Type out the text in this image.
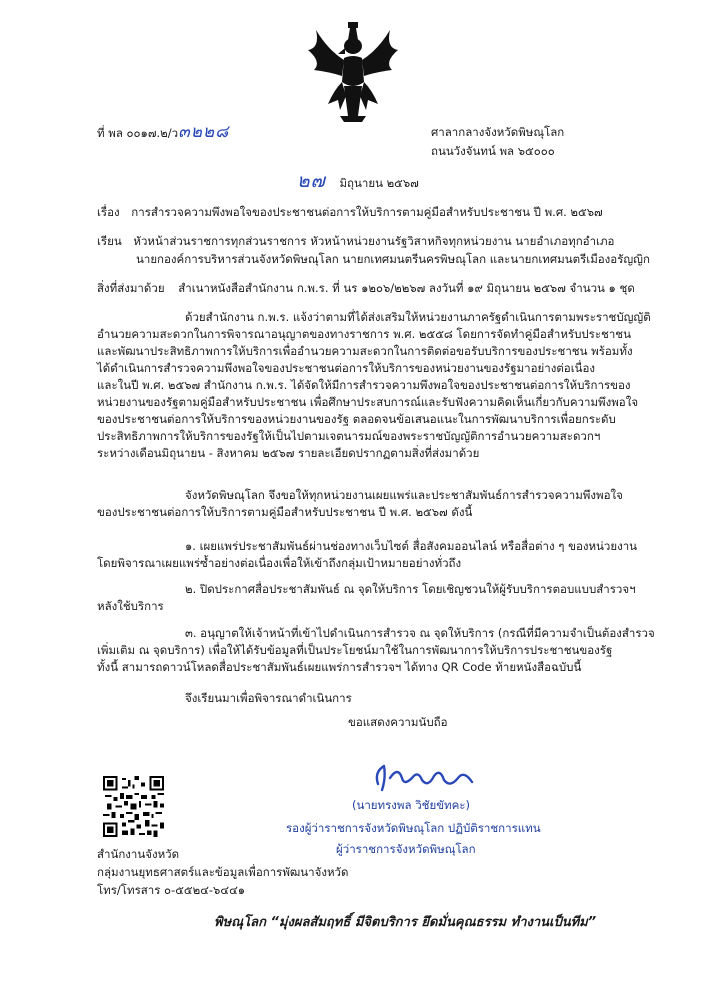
ที่ พล ๐๐๑๗.๒/ว๓๒๒๘	ศาลากลางจังหวัดพิษณุโลก
ถนนวังจันทน์ พล ๖๕๐๐๐
๒๗ มิถุนายน ๒๕๖๗
เรื่อง การสำรวจความพึงพอใจของประชาชนต่อการให้บริการตามคู่มือสำหรับประชาชน ปี พ.ศ. ๒๕๖๗
เรียน หัวหน้าส่วนราชการทุกส่วนราชการ หัวหน้าหน่วยงานรัฐวิสาหกิจทุกหน่วยงาน นายอำเภอทุกอำเภอ
นายกองค์การบริหารส่วนจังหวัดพิษณุโลก นายกเทศมนตรีนครพิษณุโลก และนายกเทศมนตรีเมืองอรัญญิก
สิ่งที่ส่งมาด้วย สำเนาหนังสือสำนักงาน ก.พ.ร. ที่ นร ๑๒๐๖/๒๒๖๗ ลงวันที่ ๑๙ มิถุนายน ๒๕๖๗ จำนวน ๑ ชุด

ด้วยสำนักงาน ก.พ.ร. แจ้งว่าตามที่ได้ส่งเสริมให้หน่วยงานภาครัฐดำเนินการตามพระราชบัญญัติ

อำนวยความสะดวกในการพิจารณาอนุญาตของทางราชการ พ.ศ. ๒๕๕๘ โดยการจัดทำคู่มือสำหรับประชาชน

และพัฒนาประสิทธิภาพการให้บริการเพื่ออำนวยความสะดวกในการติดต่อขอรับบริการของประชาชน พร้อมทั้ง

ได้ดำเนินการสำรวจความพึงพอใจของประชาชนต่อการให้บริการของหน่วยงานของรัฐมาอย่างต่อเนื่อง

และในปี พ.ศ. ๒๕๖๗ สำนักงาน ก.พ.ร. ได้จัดให้มีการสำรวจความพึงพอใจของประชาชนต่อการให้บริการของ

หน่วยงานของรัฐตามคู่มือสำหรับประชาชน เพื่อศึกษาประสบการณ์และรับฟังความคิดเห็นเกี่ยวกับความพึงพอใจ

ของประชาชนต่อการให้บริการของหน่วยงานของรัฐ ตลอดจนข้อเสนอแนะในการพัฒนาบริการเพื่อยกระดับ

ประสิทธิภาพการให้บริการของรัฐให้เป็นไปตามเจตนารมณ์ของพระราชบัญญัติการอำนวยความสะดวกฯ

ระหว่างเดือนมิถุนายน - สิงหาคม ๒๕๖๗ รายละเอียดปรากฏตามสิ่งที่ส่งมาด้วย

จังหวัดพิษณุโลก จึงขอให้ทุกหน่วยงานเผยแพร่และประชาสัมพันธ์การสำรวจความพึงพอใจ

ของประชาชนต่อการให้บริการตามคู่มือสำหรับประชาชน ปี พ.ศ. ๒๕๖๗ ดังนี้

๑. เผยแพร่ประชาสัมพันธ์ผ่านช่องทางเว็บไซต์ สื่อสังคมออนไลน์ หรือสื่อต่าง ๆ ของหน่วยงาน

โดยพิจารณาเผยแพร่ซ้ำอย่างต่อเนื่องเพื่อให้เข้าถึงกลุ่มเป้าหมายอย่างทั่วถึง

๒. ปิดประกาศสื่อประชาสัมพันธ์ ณ จุดให้บริการ โดยเชิญชวนให้ผู้รับบริการตอบแบบสำรวจฯ

หลังใช้บริการ

๓. อนุญาตให้เจ้าหน้าที่เข้าไปดำเนินการสำรวจ ณ จุดให้บริการ (กรณีที่มีความจำเป็นต้องสำรวจ

เพิ่มเติม ณ จุดบริการ) เพื่อให้ได้รับข้อมูลที่เป็นประโยชน์มาใช้ในการพัฒนาการให้บริการประชาชนของรัฐ

ทั้งนี้ สามารถดาวน์โหลดสื่อประชาสัมพันธ์เผยแพร่การสำรวจฯ ได้ทาง QR Code ท้ายหนังสือฉบับนี้

จึงเรียนมาเพื่อพิจารณาดำเนินการ
ขอแสดงความนับถือ
(นายทรงพล วิชัยขัทคะ)
รองผู้ว่าราชการจังหวัดพิษณุโลก ปฏิบัติราชการแทน
ผู้ว่าราชการจังหวัดพิษณุโลก
สำนักงานจังหวัด
กลุ่มงานยุทธศาสตร์และข้อมูลเพื่อการพัฒนาจังหวัด
โทร/โทรสาร ๐-๕๕๒๔-๖๔๔๑
พิษณุโลก “มุ่งผลสัมฤทธิ์ มีจิตบริการ ยึดมั่นคุณธรรม ทำงานเป็นทีม”
